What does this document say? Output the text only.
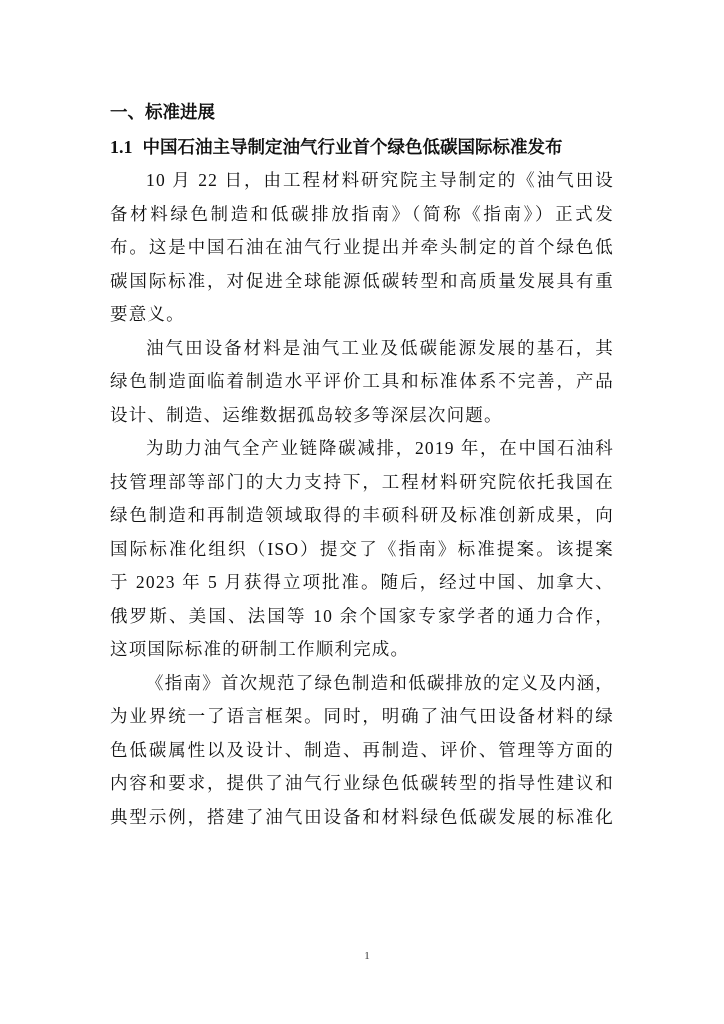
一、标准进展
1.1 中国石油主导制定油气行业首个绿色低碳国际标准发布

10 月 22 日，由工程材料研究院主导制定的《油气田设
备材料绿色制造和低碳排放指南》（简称《指南》）正式发
布。这是中国石油在油气行业提出并牵头制定的首个绿色低
碳国际标准，对促进全球能源低碳转型和高质量发展具有重
要意义。

油气田设备材料是油气工业及低碳能源发展的基石，其
绿色制造面临着制造水平评价工具和标准体系不完善，产品
设计、制造、运维数据孤岛较多等深层次问题。

为助力油气全产业链降碳减排，2019 年，在中国石油科
技管理部等部门的大力支持下，工程材料研究院依托我国在
绿色制造和再制造领域取得的丰硕科研及标准创新成果，向
国际标准化组织（ISO）提交了《指南》标准提案。该提案
于 2023 年 5 月获得立项批准。随后，经过中国、加拿大、
俄罗斯、美国、法国等 10 余个国家专家学者的通力合作，
这项国际标准的研制工作顺利完成。

《指南》首次规范了绿色制造和低碳排放的定义及内涵，
为业界统一了语言框架。同时，明确了油气田设备材料的绿
色低碳属性以及设计、制造、再制造、评价、管理等方面的
内容和要求，提供了油气行业绿色低碳转型的指导性建议和
典型示例，搭建了油气田设备和材料绿色低碳发展的标准化

1
